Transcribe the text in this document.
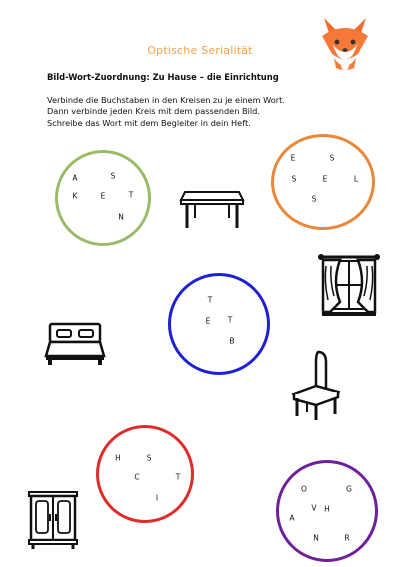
Optische Serialität
Bild-Wort-Zuordnung: Zu Hause – die Einrichtung
Verbinde die Buchstaben in den Kreisen zu je einem Wort.
Dann verbinde jeden Kreis mit dem passenden Bild.
Schreibe das Wort mit dem Begleiter in dein Heft.
A	S
K	E	T
N
·
E	S
S	E	L
S
T
E T
B
·
H	S
C	T
I
·
O	G
V H
A
N	R
